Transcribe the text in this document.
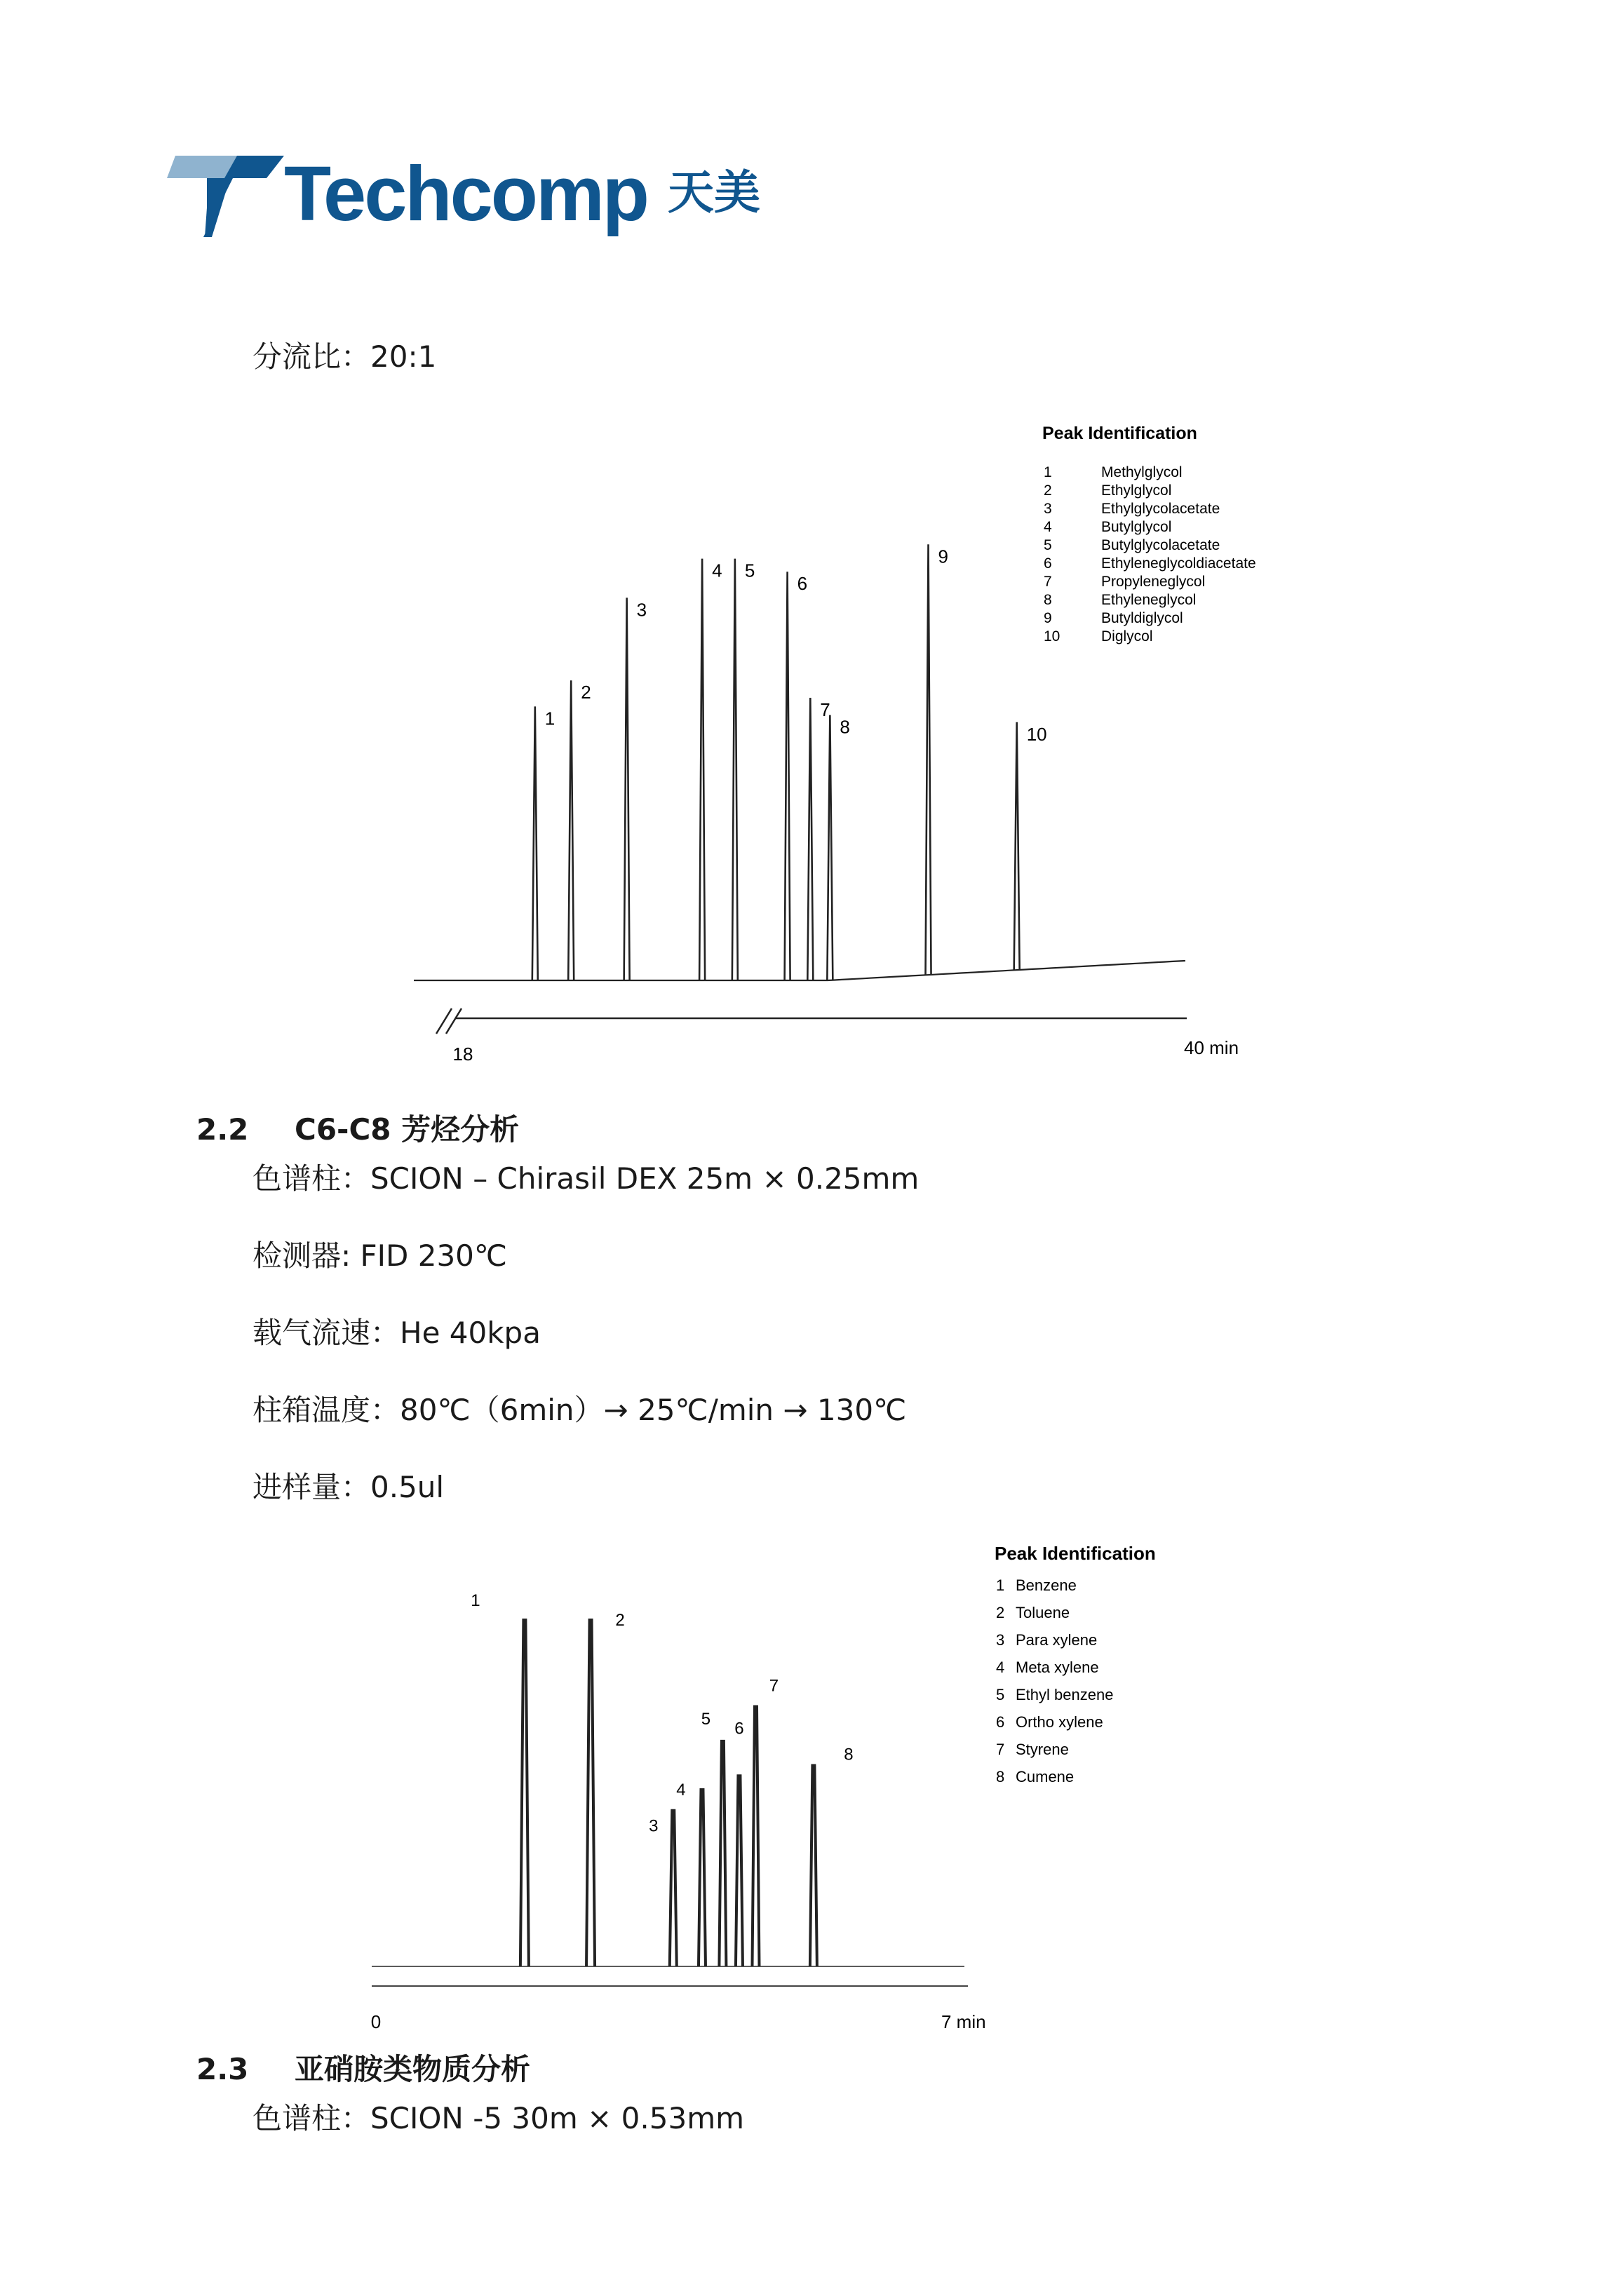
Techcomp 天美
分流比：20:1
1
2
3
4 5
6
7
8
9
10
18	40 min
Peak Identification
1	Methylglycol
2	Ethylglycol
3	Ethylglycolacetate
4	Butylglycol
5	Butylglycolacetate
6	Ethyleneglycoldiacetate
7	Propyleneglycol
8	Ethyleneglycol
9	Butyldiglycol
10	Diglycol
2.2 C6-C8 芳烃分析
色谱柱：SCION – Chirasil DEX 25m × 0.25mm
检测器: FID 230℃
载气流速：He 40kpa
柱箱温度：80℃（6min）→ 25℃/min → 130℃
进样量：0.5ul
1
2
3
4
5 6
7
8
0	7 min
Peak Identification
1 Benzene
2 Toluene
3 Para xylene
4 Meta xylene
5 Ethyl benzene
6 Ortho xylene
7 Styrene
8 Cumene
2.3 亚硝胺类物质分析
色谱柱：SCION -5 30m × 0.53mm
